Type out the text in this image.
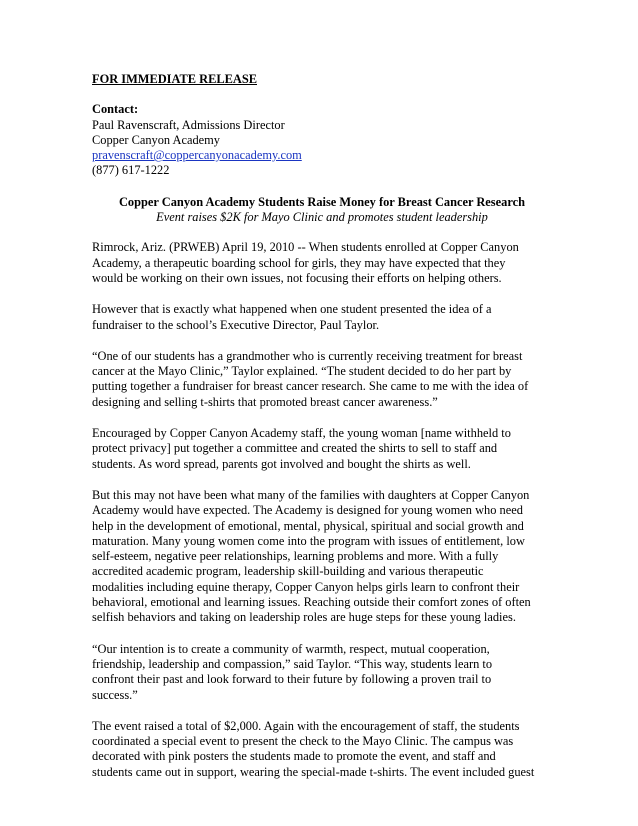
FOR IMMEDIATE RELEASE
Contact:
Paul Ravenscraft, Admissions Director
Copper Canyon Academy
pravenscraft@coppercanyonacademy.com
(877) 617-1222
Copper Canyon Academy Students Raise Money for Breast Cancer Research
Event raises $2K for Mayo Clinic and promotes student leadership
Rimrock, Ariz. (PRWEB) April 19, 2010 -- When students enrolled at Copper Canyon
Academy, a therapeutic boarding school for girls, they may have expected that they
would be working on their own issues, not focusing their efforts on helping others.
However that is exactly what happened when one student presented the idea of a
fundraiser to the school’s Executive Director, Paul Taylor.
“One of our students has a grandmother who is currently receiving treatment for breast
cancer at the Mayo Clinic,” Taylor explained. “The student decided to do her part by
putting together a fundraiser for breast cancer research. She came to me with the idea of
designing and selling t-shirts that promoted breast cancer awareness.”
Encouraged by Copper Canyon Academy staff, the young woman [name withheld to
protect privacy] put together a committee and created the shirts to sell to staff and
students. As word spread, parents got involved and bought the shirts as well.
But this may not have been what many of the families with daughters at Copper Canyon
Academy would have expected. The Academy is designed for young women who need
help in the development of emotional, mental, physical, spiritual and social growth and
maturation. Many young women come into the program with issues of entitlement, low
self-esteem, negative peer relationships, learning problems and more. With a fully
accredited academic program, leadership skill-building and various therapeutic
modalities including equine therapy, Copper Canyon helps girls learn to confront their
behavioral, emotional and learning issues. Reaching outside their comfort zones of often
selfish behaviors and taking on leadership roles are huge steps for these young ladies.
“Our intention is to create a community of warmth, respect, mutual cooperation,
friendship, leadership and compassion,” said Taylor. “This way, students learn to
confront their past and look forward to their future by following a proven trail to
success.”
The event raised a total of $2,000. Again with the encouragement of staff, the students
coordinated a special event to present the check to the Mayo Clinic. The campus was
decorated with pink posters the students made to promote the event, and staff and
students came out in support, wearing the special-made t-shirts. The event included guest
